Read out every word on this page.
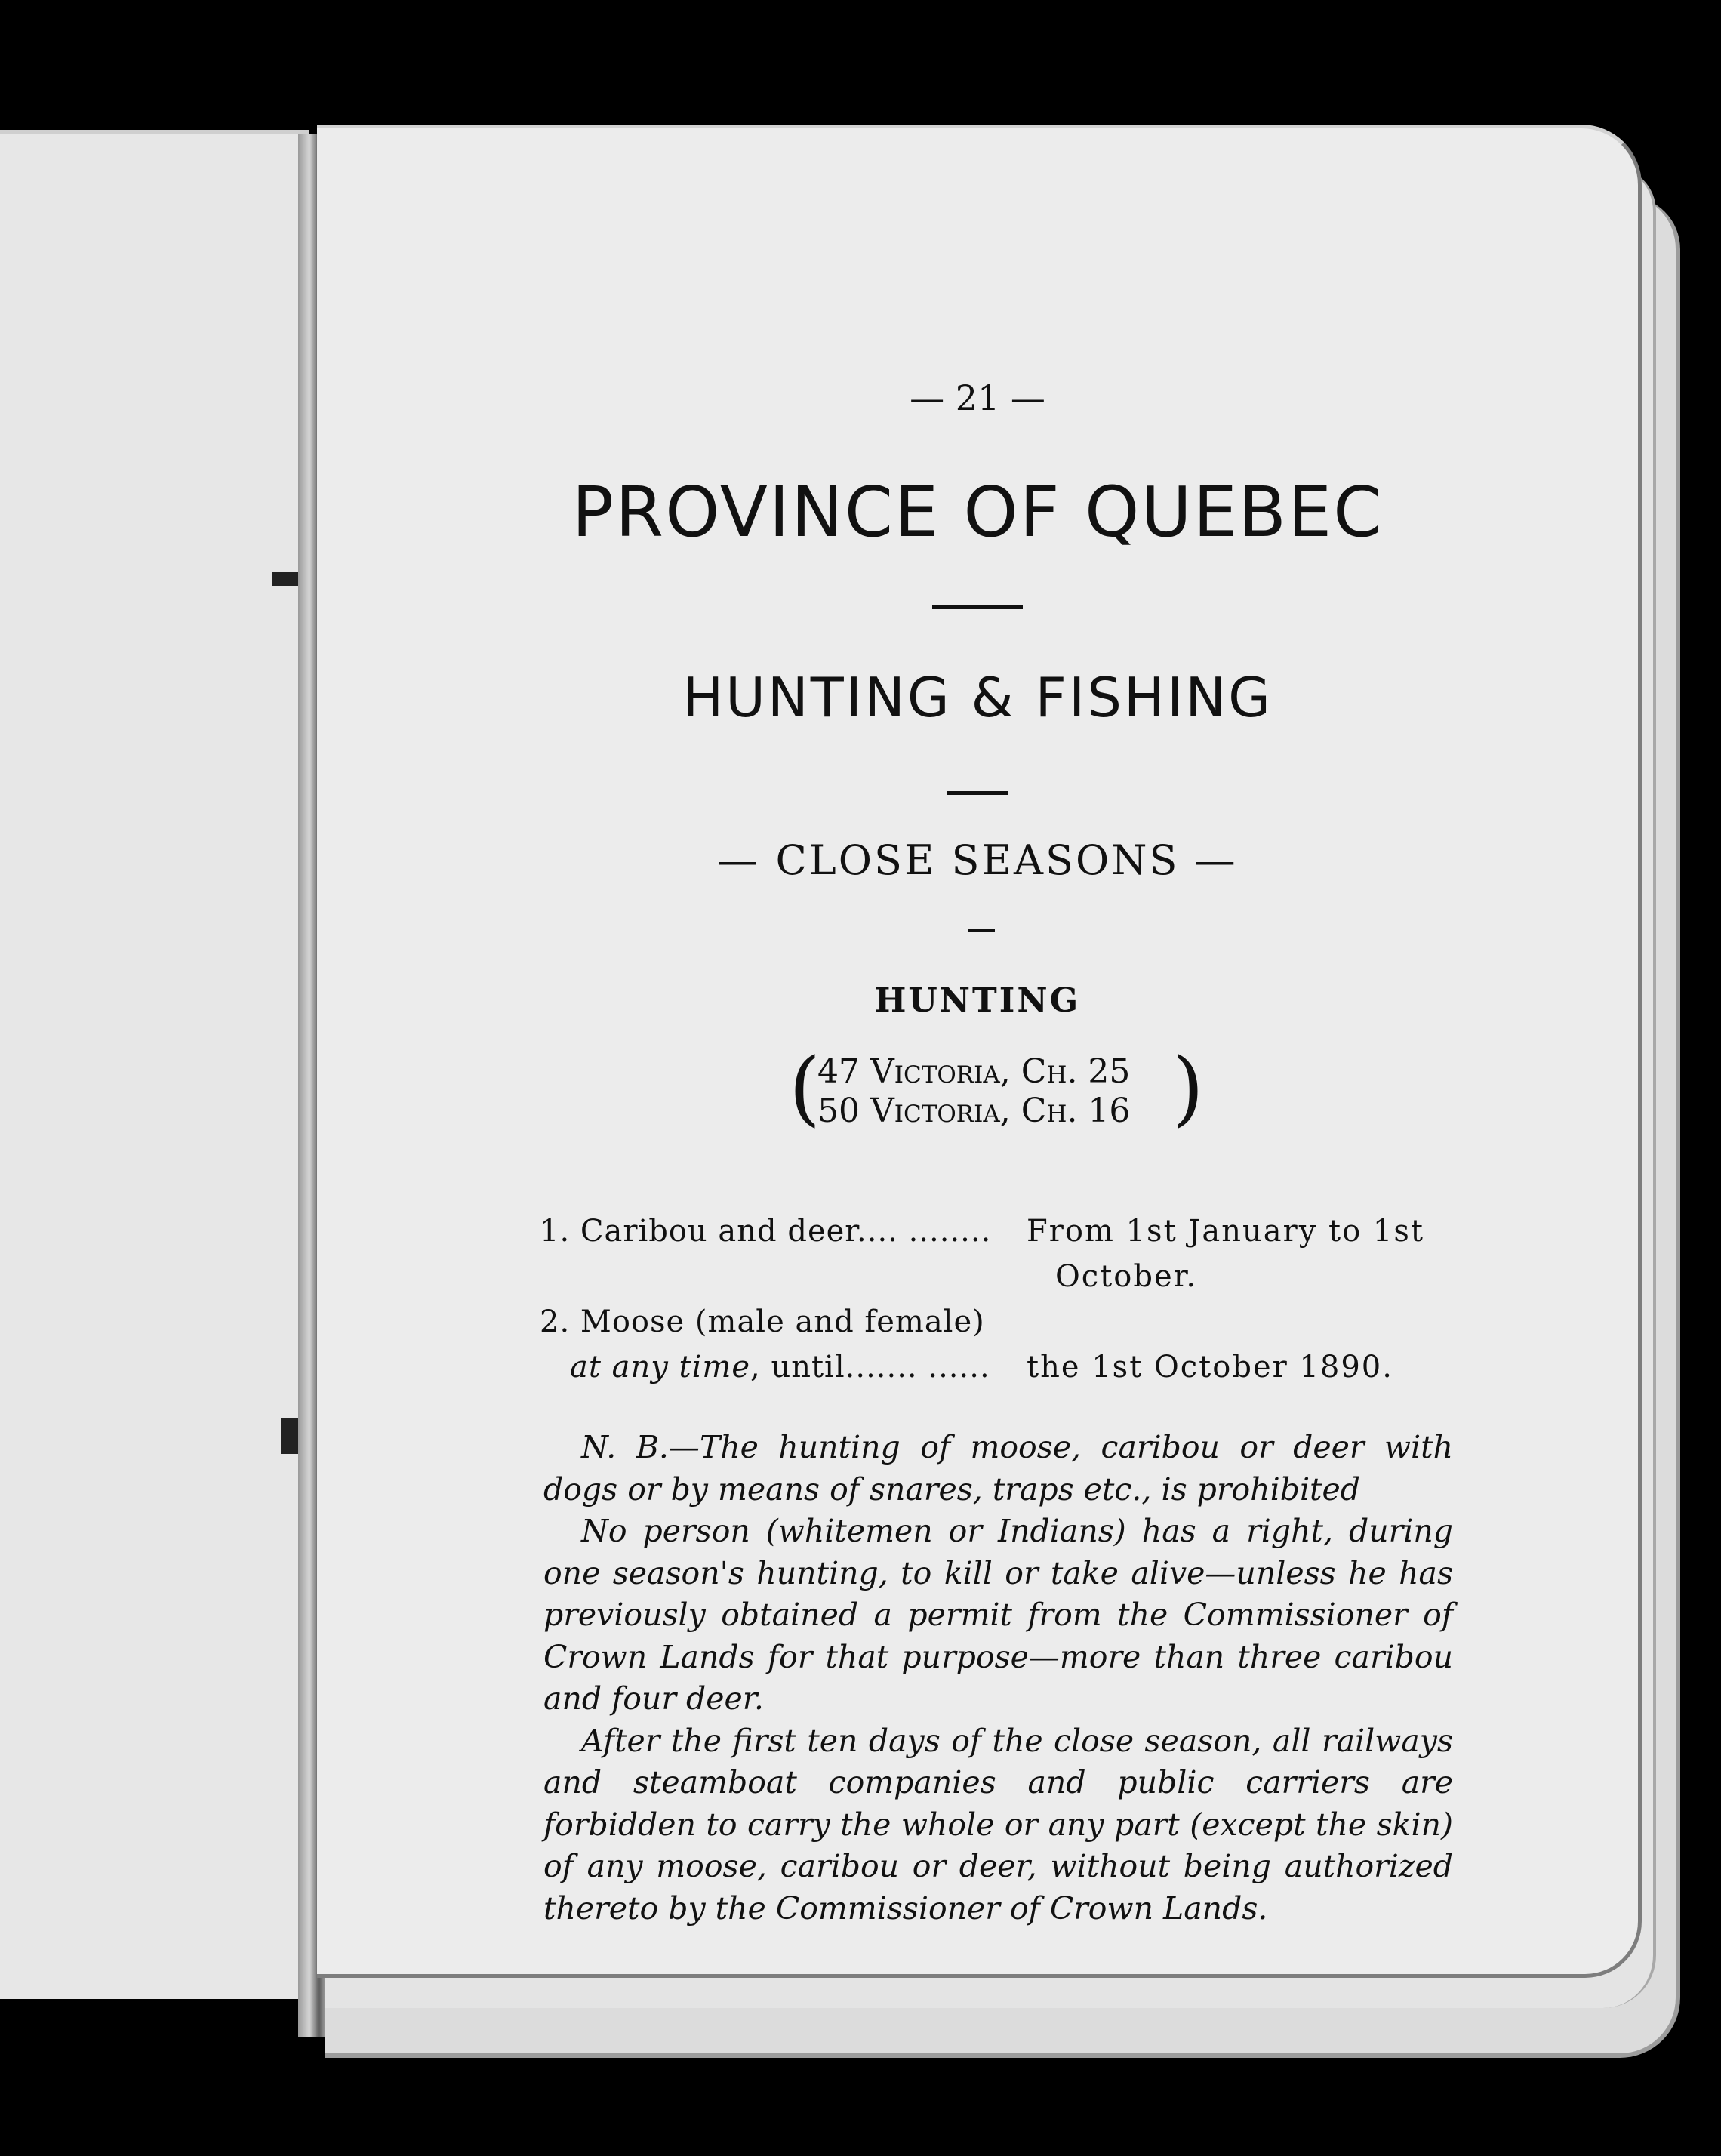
— 21 —
PROVINCE OF QUEBEC
HUNTING & FISHING
— CLOSE SEASONS —
HUNTING
(
47 Victoria, Ch. 25
50 Victoria, Ch. 16 )
1. Caribou and deer.... ........ From 1st January to 1st
October.
2. Moose (male and female)
at any time, until....... ...... the 1st October 1890.

N. B.—The hunting of moose, caribou or deer with dogs or by means of snares, traps etc., is prohibited

No person (whitemen or Indians) has a right, during one season's hunting, to kill or take alive—unless he has previously obtained a permit from the Commissioner of Crown Lands for that purpose—more than three caribou and four deer.

After the first ten days of the close season, all railways and steamboat companies and public carriers are forbidden to carry the whole or any part (except the skin) of any moose, caribou or deer, without being authorized thereto by the Commissioner of Crown Lands.
